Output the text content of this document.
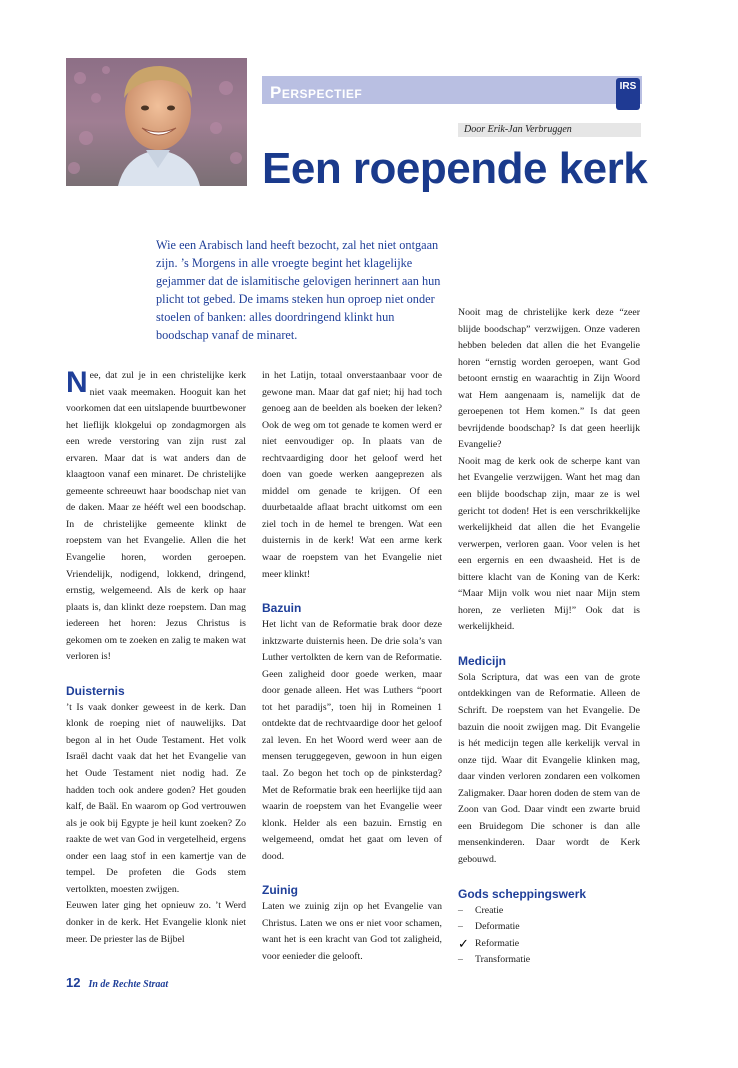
Perspectief	IRS
Door Erik-Jan Verbruggen
Een roepende kerk

Wie een Arabisch land heeft bezocht, zal het niet ontgaan zijn. ’s Morgens in alle vroegte begint het klagelijke gejammer dat de islamitische gelovigen herinnert aan hun plicht tot gebed. De imams steken hun oproep niet onder stoelen of banken: alles doordringend klinkt hun boodschap vanaf de minaret.

Nee, dat zul je in een christelijke kerk niet vaak meemaken. Hooguit kan het voorkomen dat een uitslapende buurtbewoner het lieflijk klokgelui op zondagmorgen als een wrede verstoring van zijn rust zal ervaren. Maar dat is wat anders dan de klaagtoon vanaf een minaret. De christelijke gemeente schreeuwt haar boodschap niet van de daken. Maar ze hééft wel een boodschap. In de christelijke gemeente klinkt de roepstem van het Evangelie. Allen die het Evangelie horen, worden geroepen. Vriendelijk, nodigend, lokkend, dringend, ernstig, welgemeend. Als de kerk op haar plaats is, dan klinkt deze roepstem. Dan mag iedereen het horen: Jezus Christus is gekomen om te zoeken en zalig te maken wat verloren is!

Duisternis

’t Is vaak donker geweest in de kerk. Dan klonk de roeping niet of nauwelijks. Dat begon al in het Oude Testament. Het volk Israël dacht vaak dat het het Evangelie van het Oude Testament niet nodig had. Ze hadden toch ook andere goden? Het gouden kalf, de Baäl. En waarom op God vertrouwen als je ook bij Egypte je heil kunt zoeken? Zo raakte de wet van God in vergetelheid, ergens onder een laag stof in een kamertje van de tempel. De profeten die Gods stem vertolkten, moesten zwijgen.

Eeuwen later ging het opnieuw zo. ’t Werd donker in de kerk. Het Evangelie klonk niet meer. De priester las de Bijbel

in het Latijn, totaal onverstaanbaar voor de gewone man. Maar dat gaf niet; hij had toch genoeg aan de beelden als boeken der leken? Ook de weg om tot genade te komen werd er niet eenvoudiger op. In plaats van de rechtvaardiging door het geloof werd het doen van goede werken aangeprezen als middel om genade te krijgen. Of een duurbetaalde aflaat bracht uitkomst om een ziel toch in de hemel te brengen. Wat een duisternis in de kerk! Wat een arme kerk waar de roepstem van het Evangelie niet meer klinkt!

Bazuin

Het licht van de Reformatie brak door deze inktzwarte duisternis heen. De drie sola’s van Luther vertolkten de kern van de Reformatie. Geen zaligheid door goede werken, maar door genade alleen. Het was Luthers “poort tot het paradijs”, toen hij in Romeinen 1 ontdekte dat de rechtvaardige door het geloof zal leven. En het Woord werd weer aan de mensen teruggegeven, gewoon in hun eigen taal. Zo begon het toch op de pinksterdag? Met de Reformatie brak een heerlijke tijd aan waarin de roepstem van het Evangelie weer klonk. Helder als een bazuin. Ernstig en welgemeend, omdat het gaat om leven of dood.

Zuinig

Laten we zuinig zijn op het Evangelie van Christus. Laten we ons er niet voor schamen, want het is een kracht van God tot zaligheid, voor eenieder die gelooft.

Nooit mag de christelijke kerk deze “zeer blijde boodschap” verzwijgen. Onze vaderen hebben beleden dat allen die het Evangelie horen “ernstig worden geroepen, want God betoont ernstig en waarachtig in Zijn Woord wat Hem aangenaam is, namelijk dat de geroepenen tot Hem komen.” Is dat geen bevrijdende boodschap? Is dat geen heerlijk Evangelie?

Nooit mag de kerk ook de scherpe kant van het Evangelie verzwijgen. Want het mag dan een blijde boodschap zijn, maar ze is wel gericht tot doden! Het is een verschrikkelijke werkelijkheid dat allen die het Evangelie verwerpen, verloren gaan. Voor velen is het een ergernis en een dwaasheid. Het is de bittere klacht van de Koning van de Kerk: “Maar Mijn volk wou niet naar Mijn stem horen, ze verlieten Mij!” Ook dat is werkelijkheid.

Medicijn

Sola Scriptura, dat was een van de grote ontdekkingen van de Reformatie. Alleen de Schrift. De roepstem van het Evangelie. De bazuin die nooit zwijgen mag. Dit Evangelie is hét medicijn tegen alle kerkelijk verval in onze tijd. Waar dit Evangelie klinken mag, daar vinden verloren zondaren een volkomen Zaligmaker. Daar horen doden de stem van de Zoon van God. Daar vindt een zwarte bruid een Bruidegom Die schoner is dan alle mensenkinderen. Daar wordt de Kerk gebouwd.

Gods scheppingswerk
–	Creatie
–	Deformatie
✓ Reformatie
–	Transformatie
12 In de Rechte Straat
